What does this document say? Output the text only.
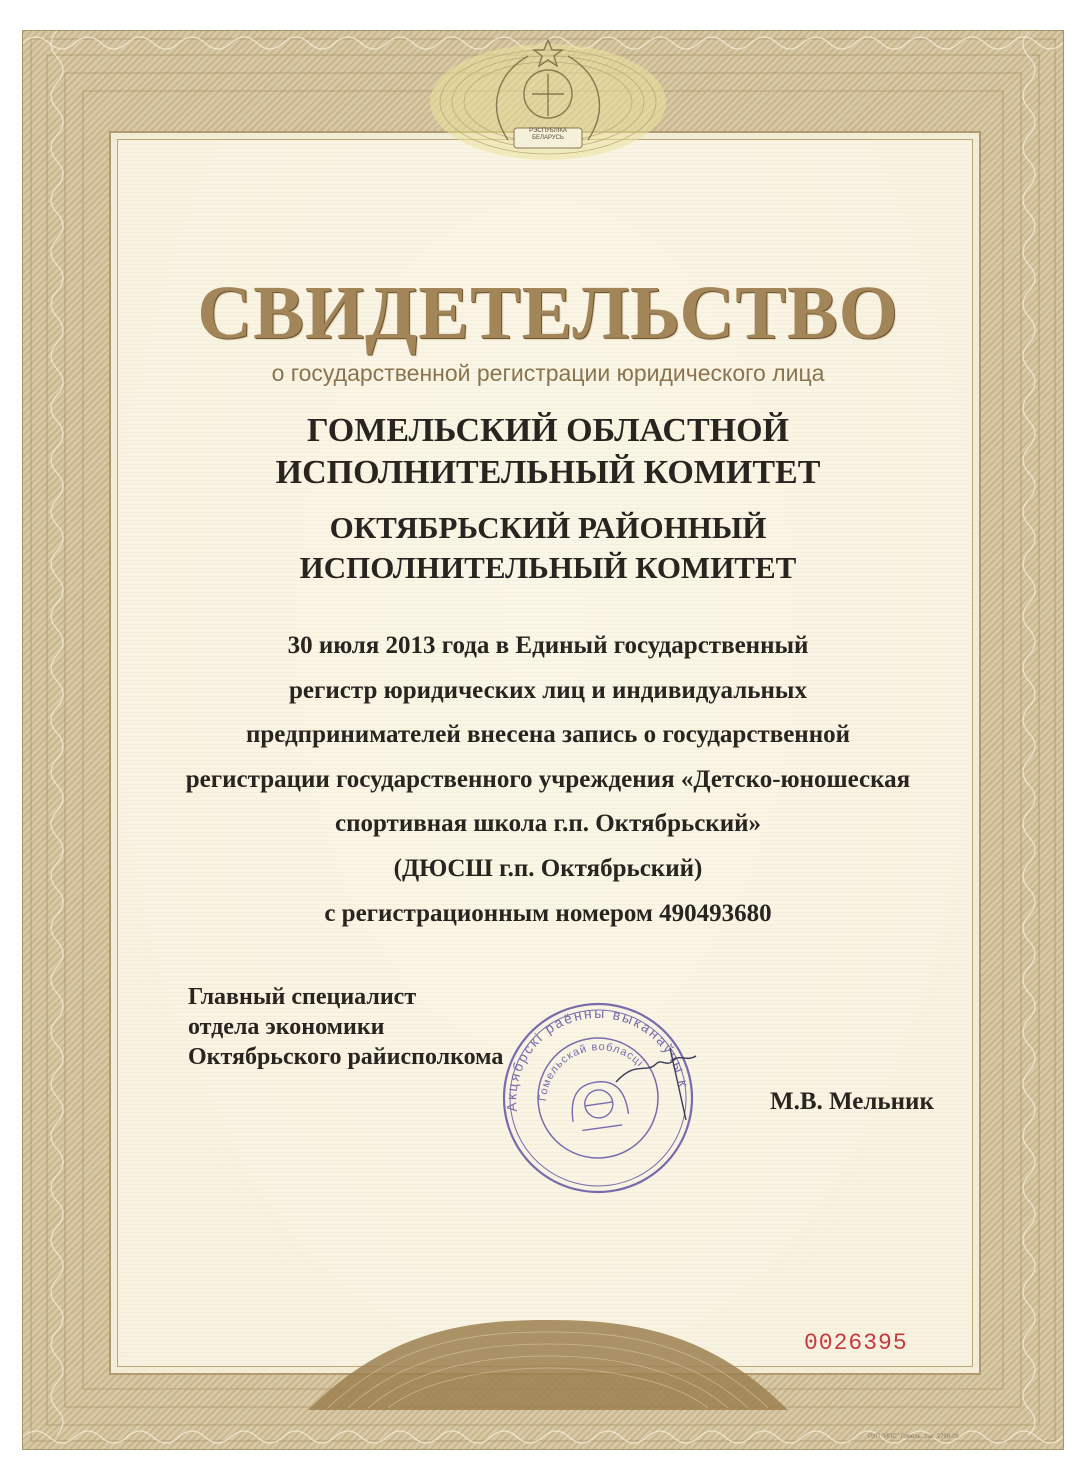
РЭСПУБЛІКА
БЕЛАРУСЬ
СВИДЕТЕЛЬСТВО
о государственной регистрации юридического лица
ГОМЕЛЬСКИЙ ОБЛАСТНОЙ
ИСПОЛНИТЕЛЬНЫЙ КОМИТЕТ
ОКТЯБРЬСКИЙ РАЙОННЫЙ
ИСПОЛНИТЕЛЬНЫЙ КОМИТЕТ
30 июля 2013 года в Единый государственный
регистр юридических лиц и индивидуальных
предпринимателей внесена запись о государственной
регистрации государственного учреждения «Детско-юношеская
спортивная школа г.п. Октябрьский»
(ДЮСШ г.п. Октябрьский)
с регистрационным номером 490493680
Главный специалист
отдела экономики
Октябрьского райисполкома
Акцябрскі раённы выканаўчы камітэт
Гомельскай вобласці
М.В. Мельник
0026395
РУП "ИПС" Гомель. Зак. 2798-09
